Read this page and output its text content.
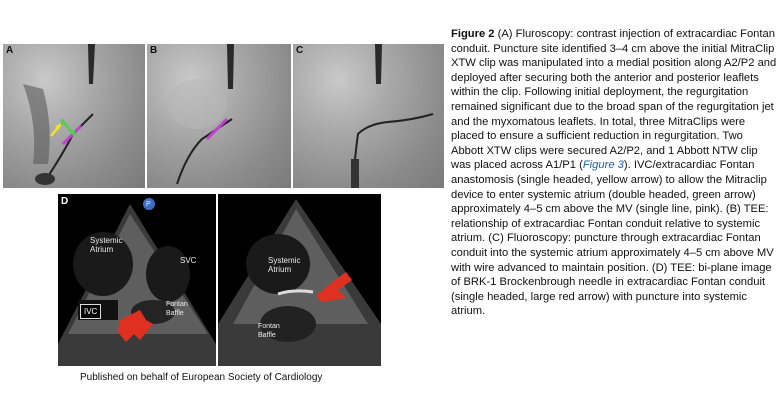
A	B	C
D
Systemic Atrium
SVC
IVC
Fontan Baffle
P
Systemic Atrium
Fontan Baffle
Figure 2 (A) Fluroscopy: contrast injection of extracardiac Fontan conduit. Puncture site identified 3–4 cm above the initial MitraClip XTW clip was manipulated into a medial position along A2/P2 and deployed after securing both the anterior and posterior leaflets within the clip. Following initial deployment, the regurgitation remained significant due to the broad span of the regurgitation jet and the myxomatous leaflets. In total, three MitraClips were placed to ensure a sufficient reduction in regurgitation. Two Abbott XTW clips were secured A2/P2, and 1 Abbott NTW clip was placed across A1/P1 (Figure 3). IVC/extracardiac Fontan anastomosis (single headed, yellow arrow) to allow the Mitraclip device to enter systemic atrium (double headed, green arrow) approximately 4–5 cm above the MV (single line, pink). (B) TEE: relationship of extracardiac Fontan conduit relative to systemic atrium. (C) Fluoroscopy: puncture through extracardiac Fontan conduit into the systemic atrium approximately 4–5 cm above MV with wire advanced to maintain position. (D) TEE: bi-plane image of BRK-1 Brockenbrough needle in extracardiac Fontan conduit (single headed, large red arrow) with puncture into systemic atrium.
Published on behalf of European Society of Cardiology
